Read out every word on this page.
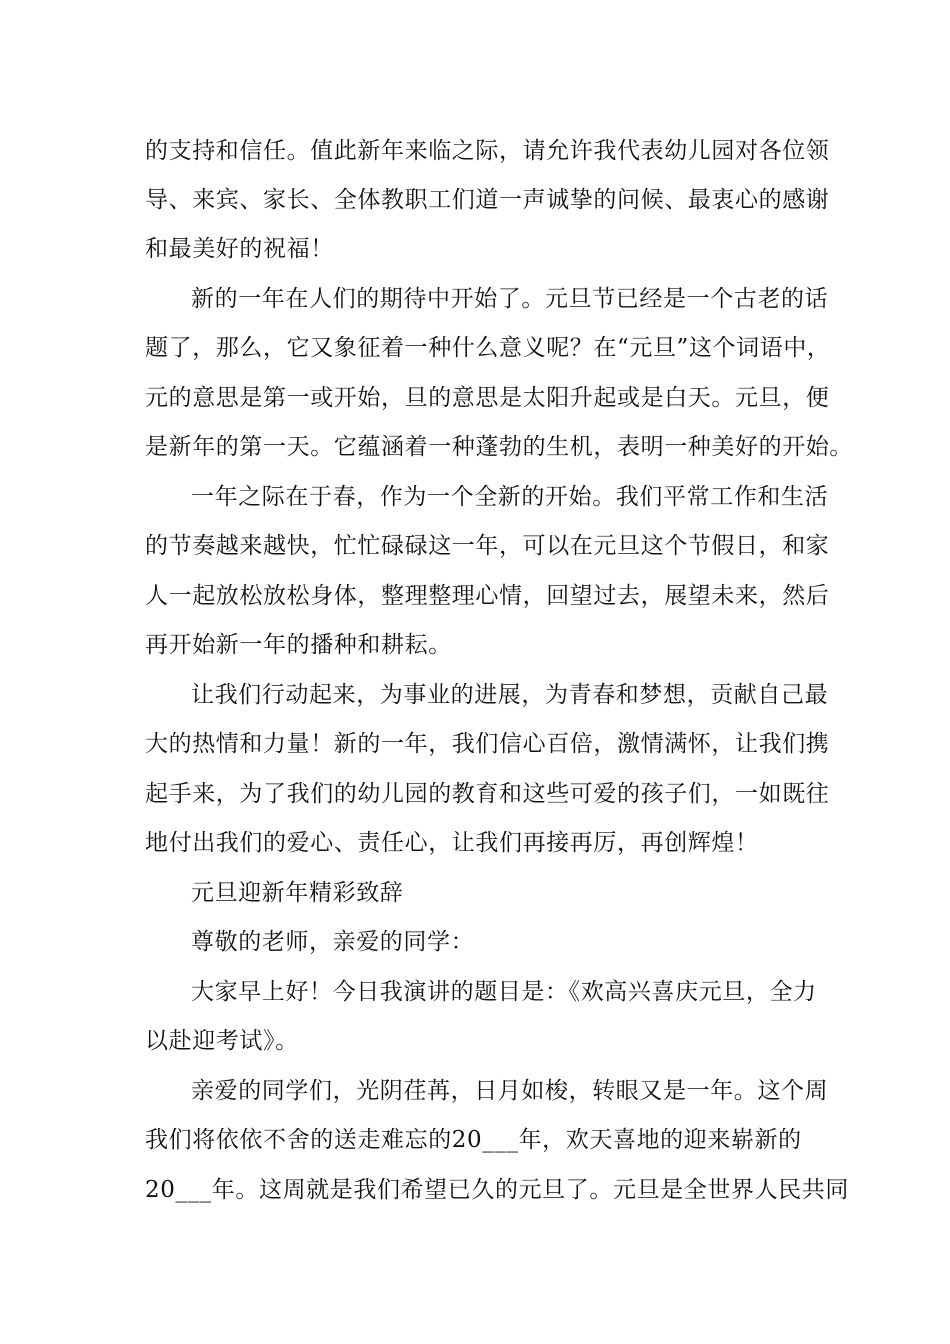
的支持和信任。值此新年来临之际，请允许我代表幼儿园对各位领
导、来宾、家长、全体教职工们道一声诚挚的问候、最衷心的感谢
和最美好的祝福！
新的一年在人们的期待中开始了。元旦节已经是一个古老的话
题了，那么，它又象征着一种什么意义呢？在“元旦”这个词语中，
元的意思是第一或开始，旦的意思是太阳升起或是白天。元旦，便
是新年的第一天。它蕴涵着一种蓬勃的生机，表明一种美好的开始。
一年之际在于春，作为一个全新的开始。我们平常工作和生活
的节奏越来越快，忙忙碌碌这一年，可以在元旦这个节假日，和家
人一起放松放松身体，整理整理心情，回望过去，展望未来，然后
再开始新一年的播种和耕耘。
让我们行动起来，为事业的进展，为青春和梦想，贡献自己最
大的热情和力量！新的一年，我们信心百倍，激情满怀，让我们携
起手来，为了我们的幼儿园的教育和这些可爱的孩子们，一如既往
地付出我们的爱心、责任心，让我们再接再厉，再创辉煌！
元旦迎新年精彩致辞
尊敬的老师，亲爱的同学：
大家早上好！今日我演讲的题目是：《欢高兴喜庆元旦，全力
以赴迎考试》。
亲爱的同学们，光阴荏苒，日月如梭，转眼又是一年。这个周
我们将依依不舍的送走难忘的20___年，欢天喜地的迎来崭新的
20___年。这周就是我们希望已久的元旦了。元旦是全世界人民共同
